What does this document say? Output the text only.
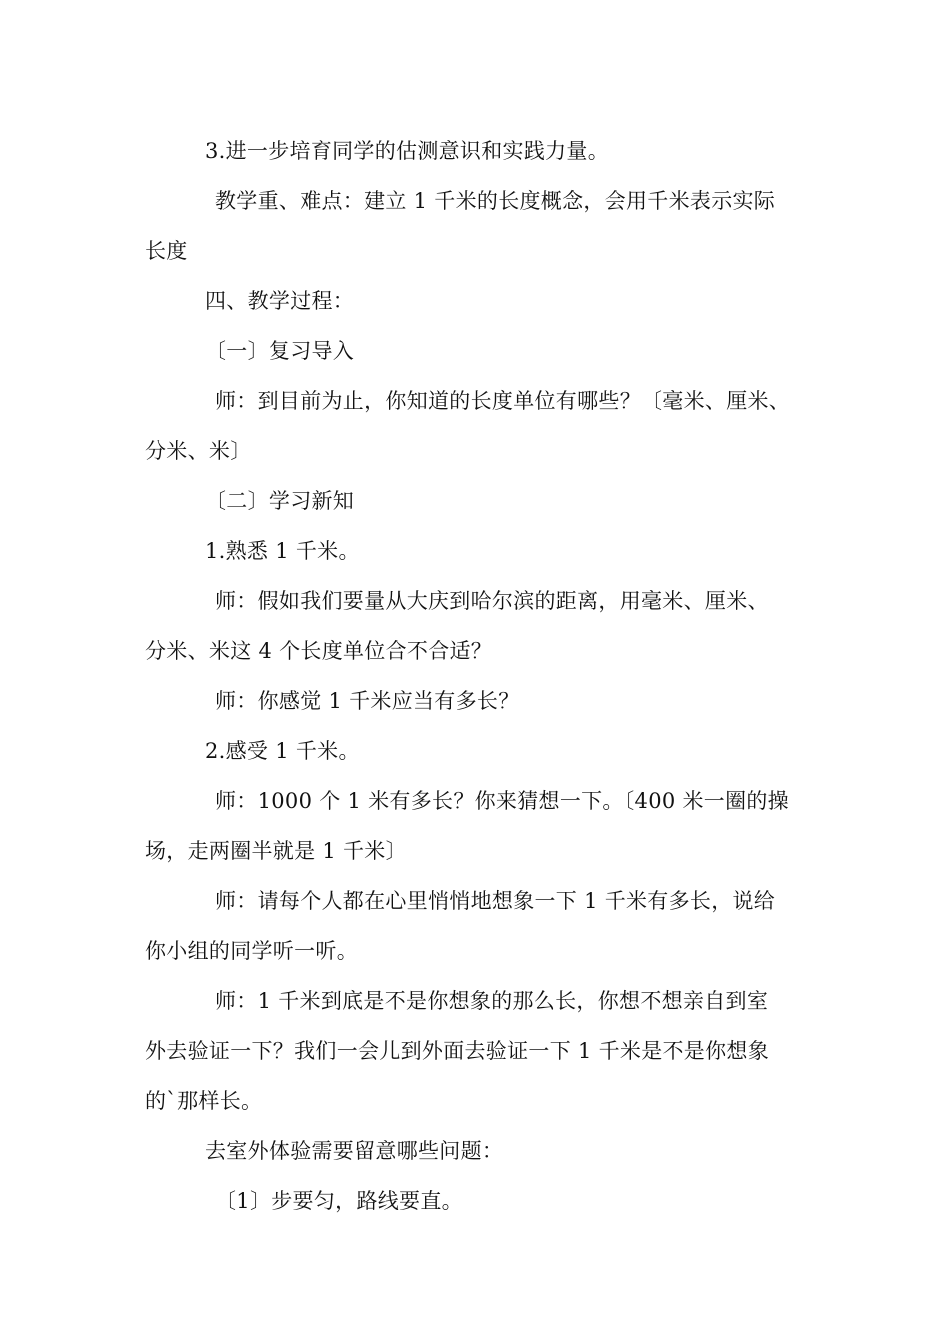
3.进一步培育同学的估测意识和实践力量。
教学重、难点：建立 1 千米的长度概念，会用千米表示实际
长度
四、教学过程：
〔一〕复习导入
师：到目前为止，你知道的长度单位有哪些？〔毫米、厘米、
分米、米〕
〔二〕学习新知
1.熟悉 1 千米。
师：假如我们要量从大庆到哈尔滨的距离，用毫米、厘米、
分米、米这 4 个长度单位合不合适？
师：你感觉 1 千米应当有多长？
2.感受 1 千米。
师：1000 个 1 米有多长？你来猜想一下。〔400 米一圈的操
场，走两圈半就是 1 千米〕
师：请每个人都在心里悄悄地想象一下 1 千米有多长，说给
你小组的同学听一听。
师：1 千米到底是不是你想象的那么长，你想不想亲自到室
外去验证一下？我们一会儿到外面去验证一下 1 千米是不是你想象
的`那样长。
去室外体验需要留意哪些问题：
〔1〕步要匀，路线要直。
